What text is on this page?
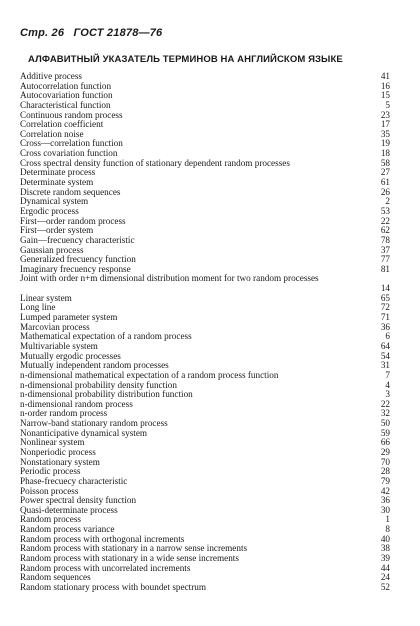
Стр. 26 ГОСТ 21878—76
АЛФАВИТНЫЙ УКАЗАТЕЛЬ ТЕРМИНОВ НА АНГЛИЙСКОМ ЯЗЫКЕ
Additive process	41
Autocorrelation function	16
Autocovariation function	15
Characteristical function	5
Continuous random process	23
Correlation coefficient	17
Correlation noise	35
Cross—correlation function	19
Cross covariation function	18
Cross spectral density function of stationary dependent random processes	58
Determinate process	27
Determinate system	61
Discrete random sequences	26
Dynamical system	2
Ergodic process	53
First—order random process	22
First—order system	62
Gain—frecuency characteristic	78
Gaussian process	37
Generalized frecuency function	77
Imaginary frecuency response	81
Joint with order n+m dimensional distribution moment for two random processes
14
Linear system	65
Long line	72
Lumped parameter system	71
Marcovian process	36
Mathematical expectation of a random process	6
Multivariable system	64
Mutually ergodic processes	54
Mutually independent random processes	31
n-dimensional mathematical expectation of a random process function	7
n-dimensional probability density function	4
n-dimensional probability distribution function	3
n-dimensional random process	22
n-order random process	32
Narrow-band stationary random process	50
Nonanticipative dynamical system	59
Nonlinear system	66
Nonperiodic process	29
Nonstationary system	70
Periodic process	28
Phase-frecuecy characteristic	79
Poisson process	42
Power spectral density function	36
Quasi-determinate process	30
Random process	1
Random process variance	8
Random process with orthogonal increments	40
Random process with stationary in a narrow sense increments	38
Random process with stationary in a wide sense increments	39
Random process with uncorrelated increments	44
Random sequences	24
Random stationary process with boundet spectrum	52
